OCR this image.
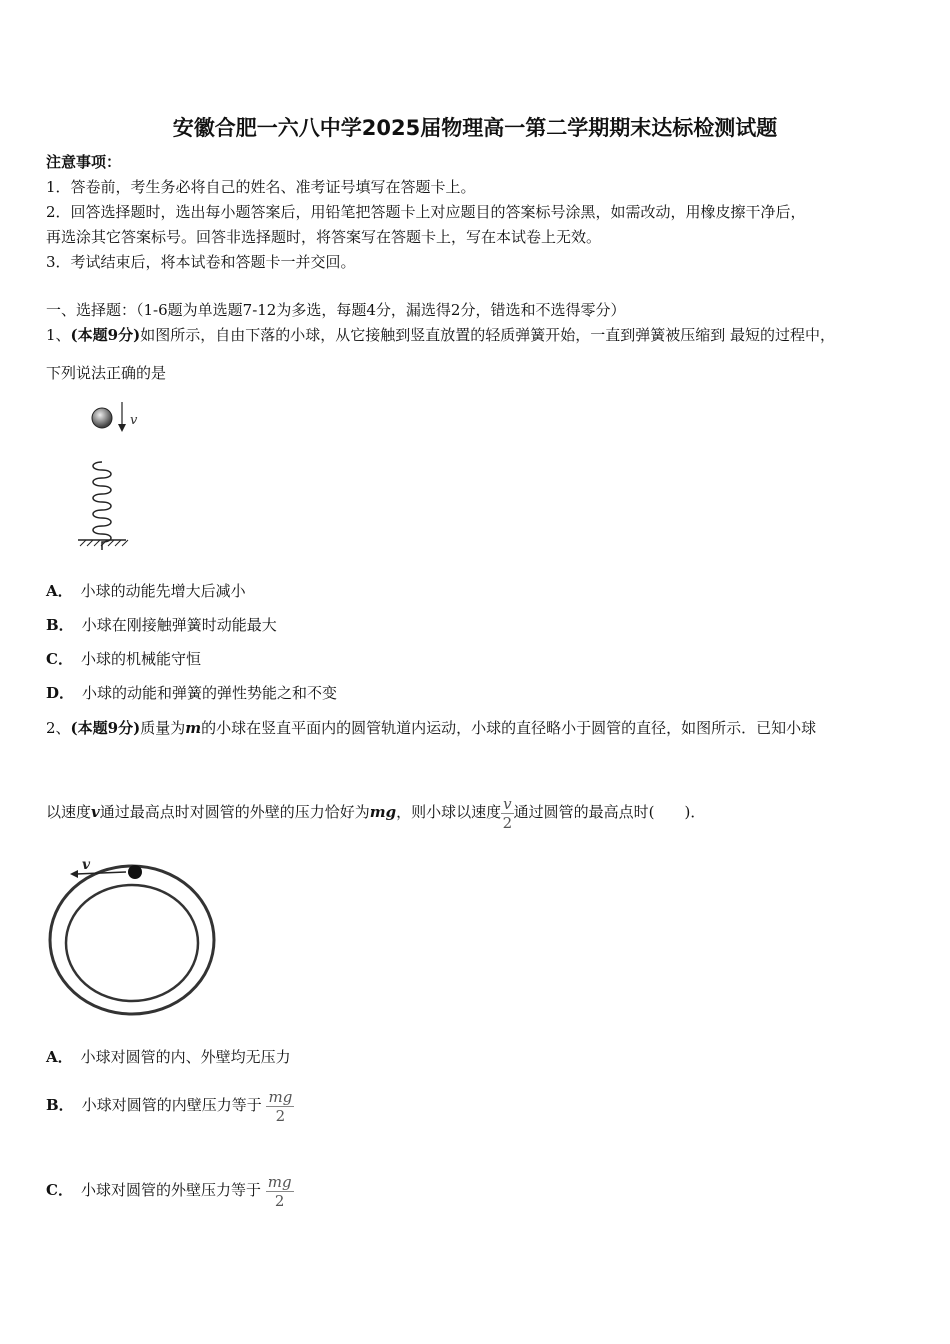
安徽合肥一六八中学2025届物理高一第二学期期末达标检测试题
注意事项：
1．答卷前，考生务必将自己的姓名、准考证号填写在答题卡上。
2．回答选择题时，选出每小题答案后，用铅笔把答题卡上对应题目的答案标号涂黑，如需改动，用橡皮擦干净后，
再选涂其它答案标号。回答非选择题时，将答案写在答题卡上，写在本试卷上无效。
3．考试结束后，将本试卷和答题卡一并交回。
一、选择题：（1-6题为单选题7-12为多选，每题4分，漏选得2分，错选和不选得零分）
1、(本题9分)如图所示，自由下落的小球，从它接触到竖直放置的轻质弹簧开始，一直到弹簧被压缩到 最短的过程中，
下列说法正确的是
v
A． 小球的动能先增大后减小
B． 小球在刚接触弹簧时动能最大
C． 小球的机械能守恒
D． 小球的动能和弹簧的弹性势能之和不变
2、(本题9分)质量为m的小球在竖直平面内的圆管轨道内运动，小球的直径略小于圆管的直径，如图所示．已知小球
以速度v通过最高点时对圆管的外壁的压力恰好为mg，则小球以速度 $\frac{v}{2}$ 通过圆管的最高点时(　　)．
v
A． 小球对圆管的内、外壁均无压力
B． 小球对圆管的内壁压力等于 $\frac{mg}{2}$
C． 小球对圆管的外壁压力等于 $\frac{mg}{2}$
